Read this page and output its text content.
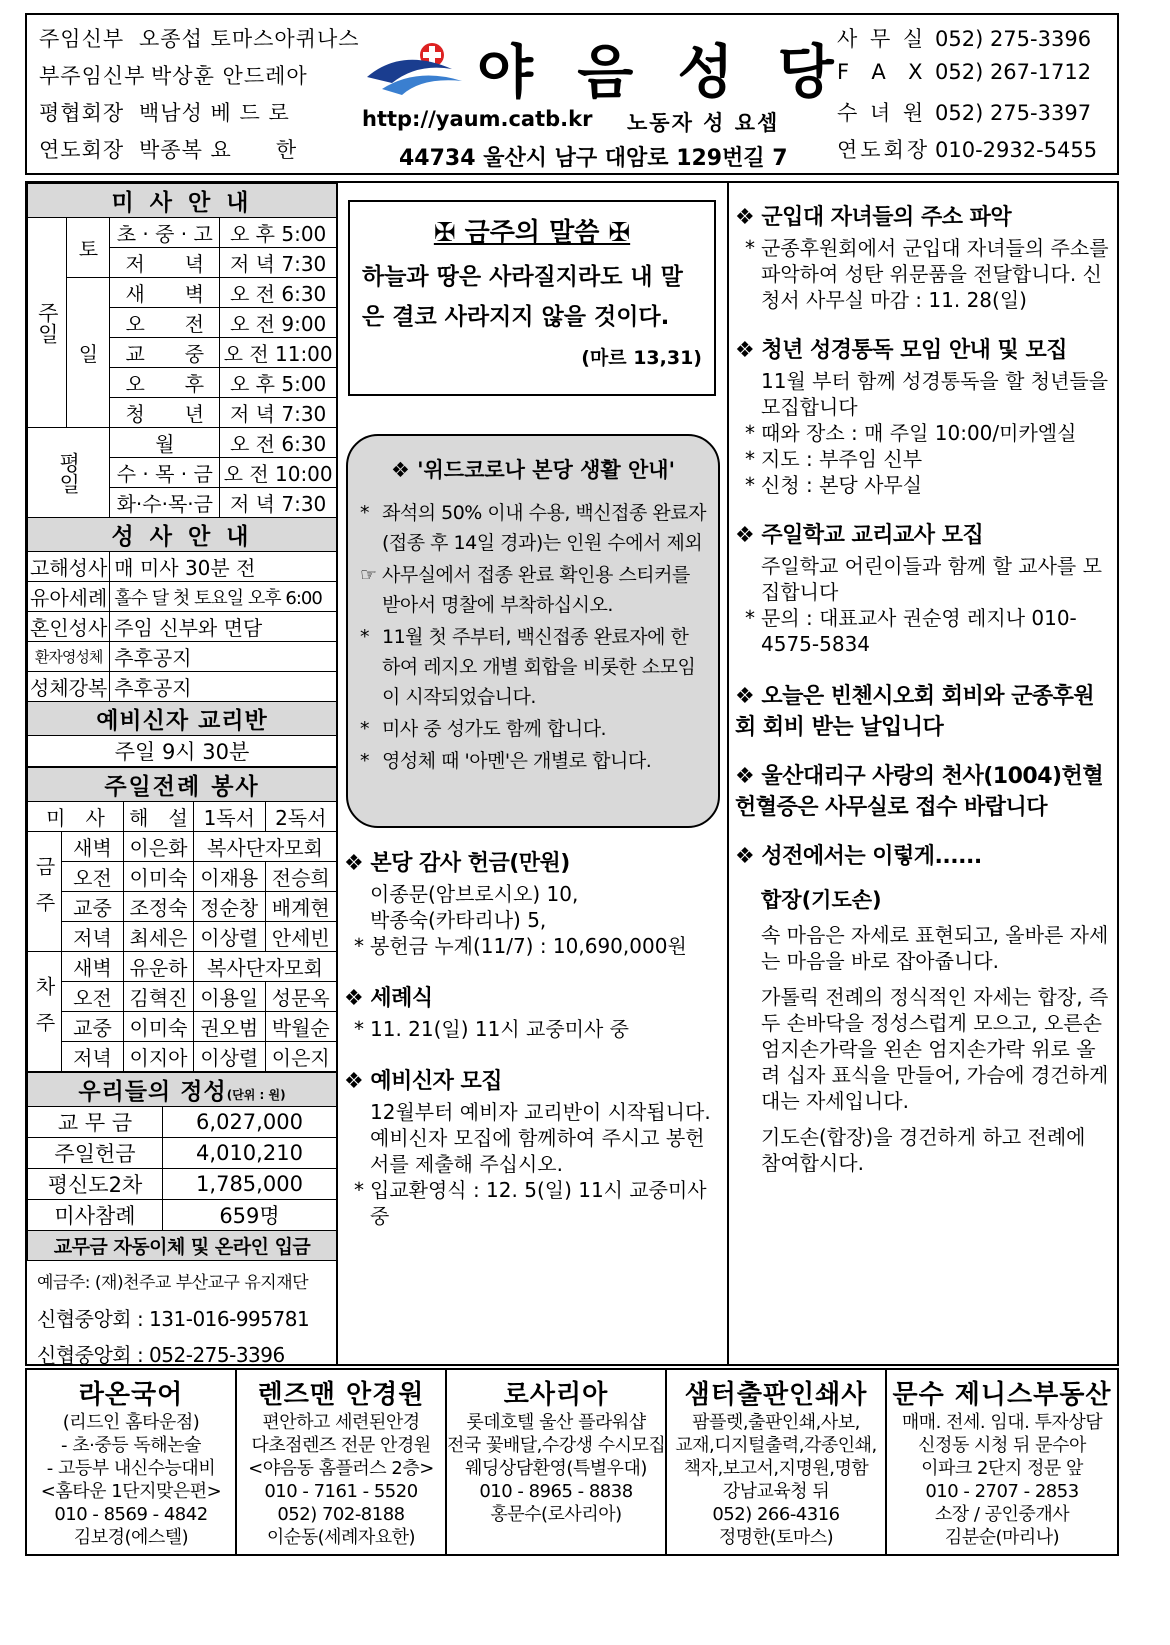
주임신부 오종섭 토마스아퀴나스
부주임신부 박상훈 안드레아
평협회장 백남성 베 드 로
연도회장 박종복 요　　한
야 음 성 당
http://yaum.catb.kr 노동자 성 요셉
44734 울산시 남구 대암로 129번길 7
사 무 실 052) 275-3396
F  A  X 052) 267-1712
수 녀 원 052) 275-3397
연도회장 010-2932-5455
미 사 안 내			
주일	토	초 · 중 · 고	오 후 5:00
		저　　녁	저 녁 7:30
	일	새　　벽	오 전 6:30
		오　　전	오 전 9:00
		교　　중	오 전 11:00
		오　　후	오 후 5:00
		청　　년	저 녁 7:30
평일		월	오 전 6:30
		수 · 목 · 금	오 전 10:00
		화·수·목·금	저 녁 7:30
성 사 안 내			
고해성사		매 미사 30분 전	
유아세례		홀수 달 첫 토요일 오후 6:00	
혼인성사		주임 신부와 면담	
환자영성체		추후공지	
성체강복		추후공지	
예비신자 교리반			
주일 9시 30분			
주일전례 봉사				
미　사		해　설	1독서	2독서
금주	새벽	이은화	복사단자모회	
	오전	이미숙	이재용	전승희
	교중	조정숙	정순창	배계현
	저녁	최세은	이상렬	안세빈
차주	새벽	유운하	복사단자모회	
	오전	김혁진	이용일	성문옥
	교중	이미숙	권오범	박월순
	저녁	이지아	이상렬	이은지
우리들의 정성(단위 : 원)	
교 무 금	6,027,000
주일헌금	4,010,210
평신도2차	1,785,000
미사참례	659명
교무금 자동이체 및 온라인 입금	
예금주: (재)천주교 부산교구 유지재단
신협중앙회 : 131-016-995781
신협중앙회 : 052-275-3396
✠ 금주의 말씀 ✠
하늘과 땅은 사라질지라도 내 말은 결코 사라지지 않을 것이다.
(마르 13,31)
❖ '위드코로나 본당 생활 안내'
* 좌석의 50% 이내 수용, 백신접종 완료자(접종 후 14일 경과)는 인원 수에서 제외
☞ 사무실에서 접종 완료 확인용 스티커를 받아서 명찰에 부착하십시오.
* 11월 첫 주부터, 백신접종 완료자에 한하여 레지오 개별 회합을 비롯한 소모임이 시작되었습니다.
* 미사 중 성가도 함께 합니다.
* 영성체 때 '아멘'은 개별로 합니다.
❖ 본당 감사 헌금(만원)

이종문(암브로시오) 10,

박종숙(카타리나) 5,

* 봉헌금 누계(11/7) : 10,690,000원
❖ 세례식
* 11. 21(일) 11시 교중미사 중
❖ 예비신자 모집

12월부터 예비자 교리반이 시작됩니다. 예비신자 모집에 함께하여 주시고 봉헌서를 제출해 주십시오.

* 입교환영식 : 12. 5(일) 11시 교중미사 중
❖ 군입대 자녀들의 주소 파악
* 군종후원회에서 군입대 자녀들의 주소를 파악하여 성탄 위문품을 전달합니다. 신청서 사무실 마감 : 11. 28(일)
❖ 청년 성경통독 모임 안내 및 모집

11월 부터 함께 성경통독을 할 청년들을 모집합니다

* 때와 장소 : 매 주일 10:00/미카엘실
* 지도 : 부주임 신부
* 신청 : 본당 사무실
❖ 주일학교 교리교사 모집

주일학교 어린이들과 함께 할 교사를 모집합니다

* 문의 : 대표교사 권순영 레지나 010-4575-5834
❖ 오늘은 빈첸시오회 회비와 군종후원회 회비 받는 날입니다
❖ 울산대리구 사랑의 천사(1004)헌혈 헌혈증은 사무실로 접수 바랍니다
❖ 성전에서는 이렇게......
합장(기도손)

속 마음은 자세로 표현되고, 올바른 자세는 마음을 바로 잡아줍니다.

가톨릭 전례의 정식적인 자세는 합장, 즉 두 손바닥을 정성스럽게 모으고, 오른손 엄지손가락을 왼손 엄지손가락 위로 올려 십자 표식을 만들어, 가슴에 경건하게 대는 자세입니다.

기도손(합장)을 경건하게 하고 전례에 참여합시다.

라온국어
(리드인 홈타운점)
- 초·중등 독해논술
- 고등부 내신수능대비
<홈타운 1단지맞은편>
010 - 8569 - 4842
김보경(에스텔)
렌즈맨 안경원
편안하고 세련된안경
다초점렌즈 전문 안경원
<야음동 홈플러스 2층>
010 - 7161 - 5520
052) 702-8188
이순동(세례자요한)
로사리아
롯데호텔 울산 플라워샵
전국 꽃배달,수강생 수시모집
웨딩상담환영(특별우대)
010 - 8965 - 8838
홍문수(로사리아)
샘터출판인쇄사
팜플렛,출판인쇄,사보,
교재,디지털출력,각종인쇄,
책자,보고서,지명원,명함
강남교육청 뒤
052) 266-4316
정명한(토마스)
문수 제니스부동산
매매. 전세. 임대. 투자상담
신정동 시청 뒤 문수아
이파크 2단지 정문 앞
010 - 2707 - 2853
소장 / 공인중개사
김분순(마리나)
